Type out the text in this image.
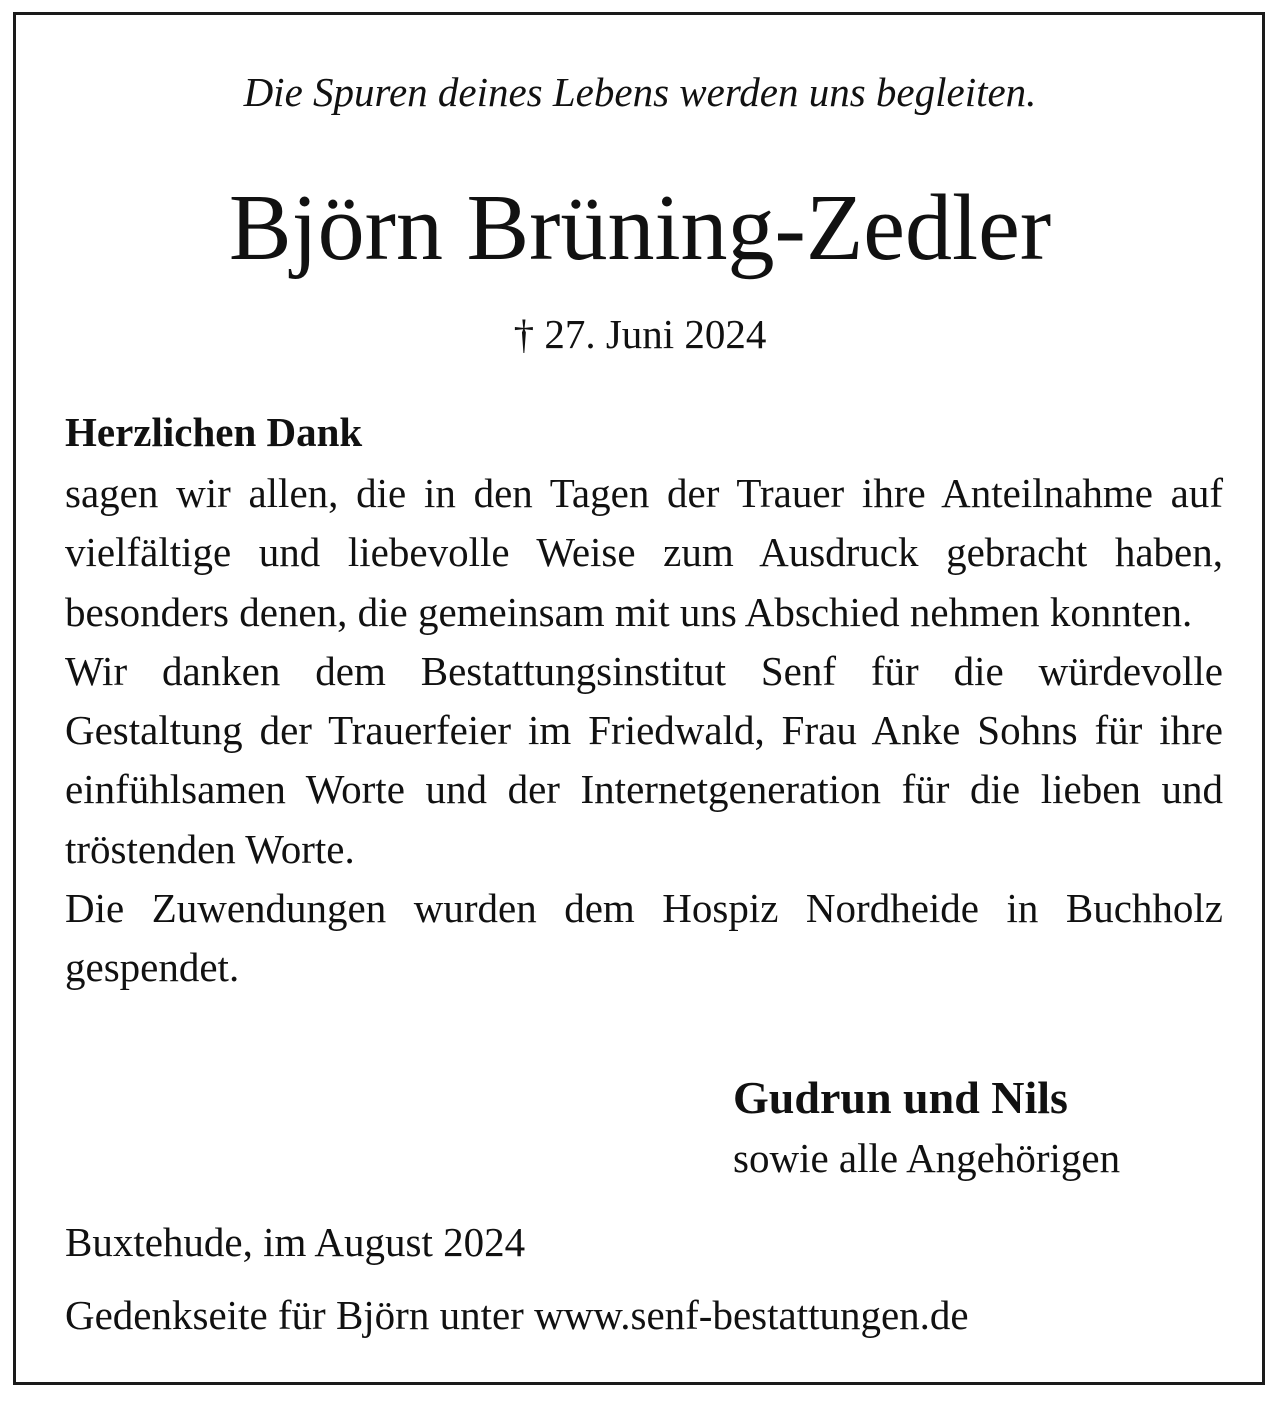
Die Spuren deines Lebens werden uns begleiten.
Björn Brüning-Zedler
† 27. Juni 2024
Herzlichen Dank

sagen wir allen, die in den Tagen der Trauer ihre Anteilnahme auf vielfältige und liebevolle Weise zum Ausdruck gebracht haben, besonders denen, die gemeinsam mit uns Abschied nehmen konnten.

Wir danken dem Bestattungsinstitut Senf für die würdevolle Gestaltung der Trauerfeier im Friedwald, Frau Anke Sohns für ihre einfühlsamen Worte und der Internetgeneration für die lieben und tröstenden Worte.

Die Zuwendungen wurden dem Hospiz Nordheide in Buchholz gespendet.

Gudrun und Nils
sowie alle Angehörigen
Buxtehude, im August 2024
Gedenkseite für Björn unter www.senf-bestattungen.de
